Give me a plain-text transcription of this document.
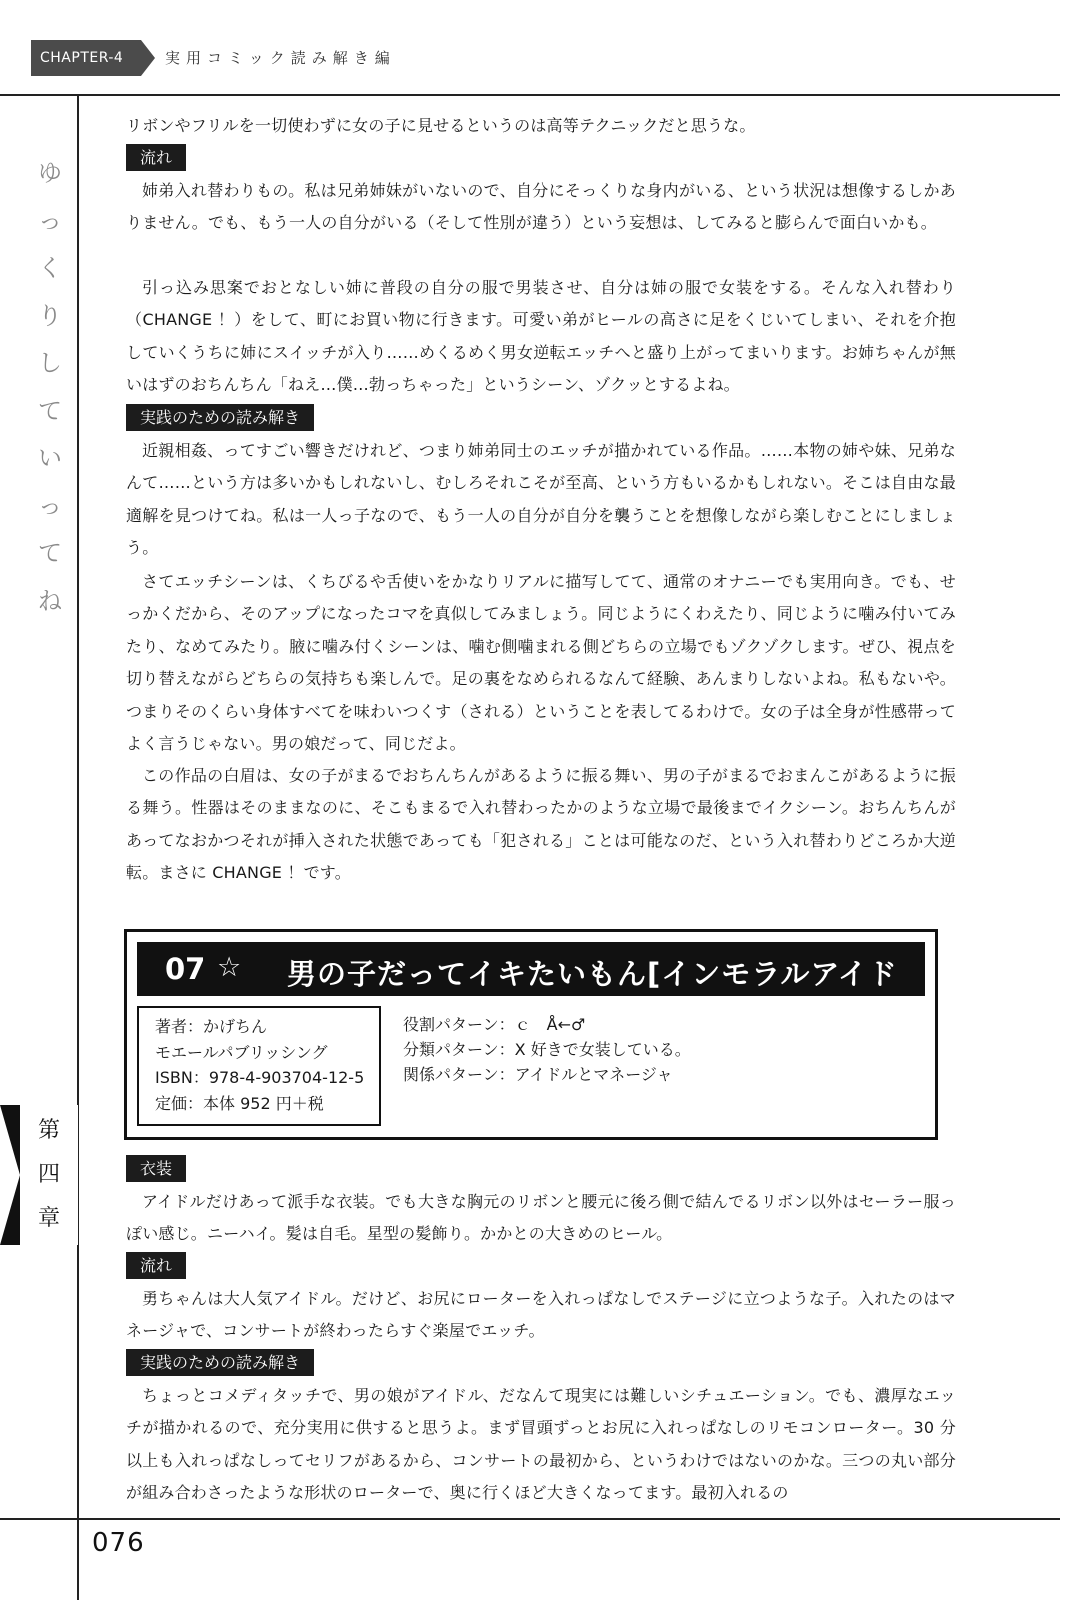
CHAPTER-4	実用コミック読み解き編
ゆ
っ
く
り
し
て
い
っ
て
ね
第
四
章

リボンやフリルを一切使わずに女の子に見せるというのは高等テクニックだと思うな。

流れ

姉弟入れ替わりもの。私は兄弟姉妹がいないので、自分にそっくりな身内がいる、という状況は想像するしかありません。でも、もう一人の自分がいる（そして性別が違う）という妄想は、してみると膨らんで面白いかも。

引っ込み思案でおとなしい姉に普段の自分の服で男装させ、自分は姉の服で女装をする。そんな入れ替わり（CHANGE ！）をして、町にお買い物に行きます。可愛い弟がヒールの高さに足をくじいてしまい、それを介抱していくうちに姉にスイッチが入り……めくるめく男女逆転エッチへと盛り上がってまいります。お姉ちゃんが無いはずのおちんちん「ねえ…僕…勃っちゃった」というシーン、ゾクッとするよね。

実践のための読み解き

近親相姦、ってすごい響きだけれど、つまり姉弟同士のエッチが描かれている作品。……本物の姉や妹、兄弟なんて……という方は多いかもしれないし、むしろそれこそが至高、という方もいるかもしれない。そこは自由な最適解を見つけてね。私は一人っ子なので、もう一人の自分が自分を襲うことを想像しながら楽しむことにしましょう。

さてエッチシーンは、くちびるや舌使いをかなりリアルに描写してて、通常のオナニーでも実用向き。でも、せっかくだから、そのアップになったコマを真似してみましょう。同じようにくわえたり、同じように噛み付いてみたり、なめてみたり。腋に噛み付くシーンは、噛む側噛まれる側どちらの立場でもゾクゾクします。ぜひ、視点を切り替えながらどちらの気持ちも楽しんで。足の裏をなめられるなんて経験、あんまりしないよね。私もないや。つまりそのくらい身体すべてを味わいつくす（される）ということを表してるわけで。女の子は全身が性感帯ってよく言うじゃない。男の娘だって、同じだよ。

この作品の白眉は、女の子がまるでおちんちんがあるように振る舞い、男の子がまるでおまんこがあるように振る舞う。性器はそのままなのに、そこもまるで入れ替わったかのような立場で最後までイクシーン。おちんちんがあってなおかつそれが挿入された状態であっても「犯される」ことは可能なのだ、という入れ替わりどころか大逆転。まさに CHANGE ！です。

07 ☆ 男の子だってイキたいもん[インモラルアイドル]
著者：かげちん
モエールパブリッシング
ISBN：978-4-903704-12-5
定価：本体 952 円＋税
役割パターン：ｃ　Å←♂
分類パターン：X 好きで女装している。
関係パターン：アイドルとマネージャ
衣装

アイドルだけあって派手な衣装。でも大きな胸元のリボンと腰元に後ろ側で結んでるリボン以外はセーラー服っぽい感じ。ニーハイ。髪は自毛。星型の髪飾り。かかとの大きめのヒール。

流れ

勇ちゃんは大人気アイドル。だけど、お尻にローターを入れっぱなしでステージに立つような子。入れたのはマネージャで、コンサートが終わったらすぐ楽屋でエッチ。

実践のための読み解き

ちょっとコメディタッチで、男の娘がアイドル、だなんて現実には難しいシチュエーション。でも、濃厚なエッチが描かれるので、充分実用に供すると思うよ。まず冒頭ずっとお尻に入れっぱなしのリモコンローター。30 分以上も入れっぱなしってセリフがあるから、コンサートの最初から、というわけではないのかな。三つの丸い部分が組み合わさったような形状のローターで、奥に行くほど大きくなってます。最初入れるの

076
